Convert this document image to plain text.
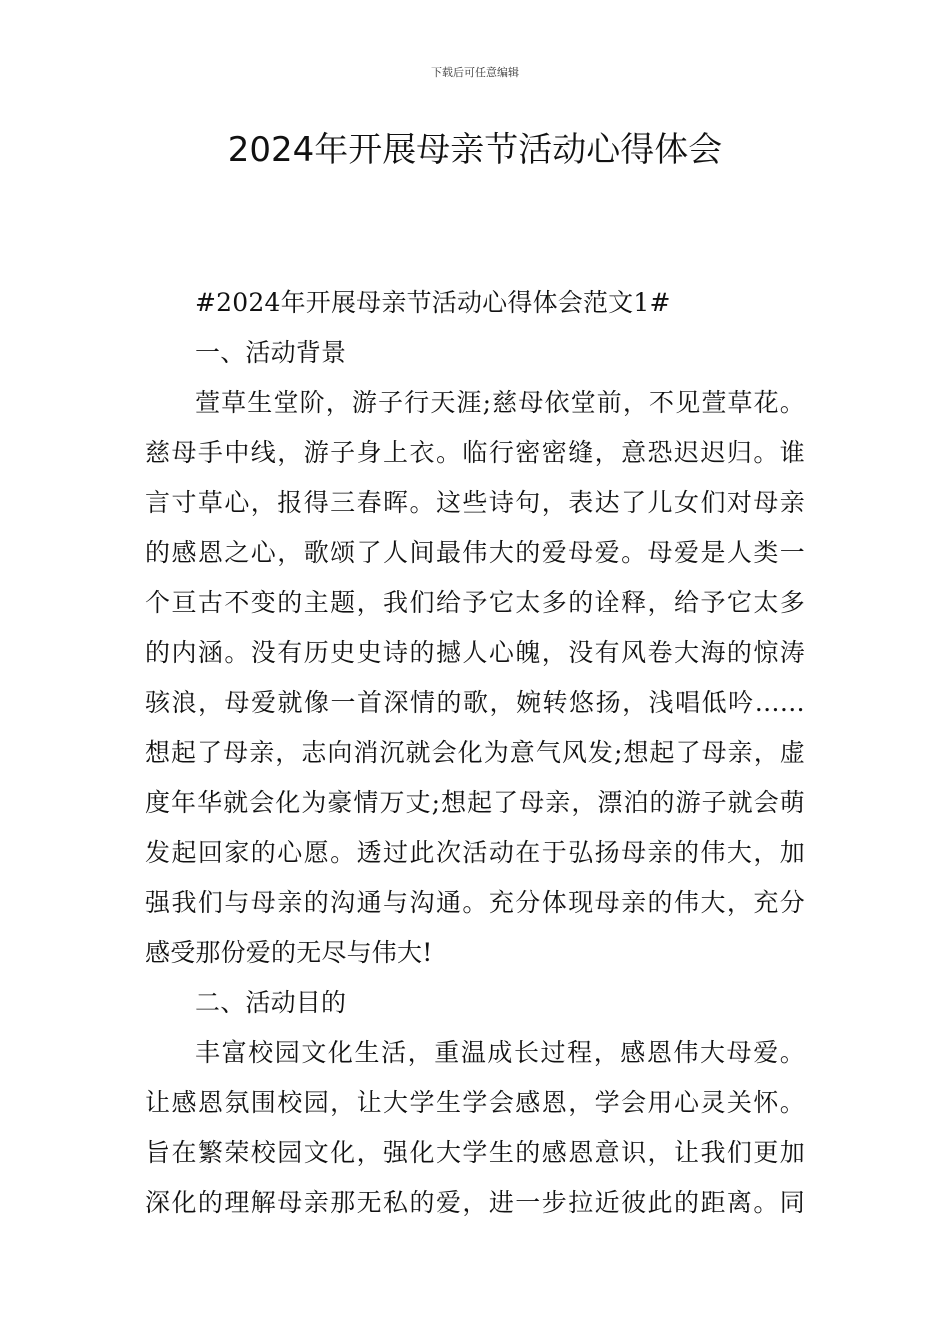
下载后可任意编辑
2024年开展母亲节活动心得体会
#2024年开展母亲节活动心得体会范文1#
一、活动背景
萱草生堂阶，游子行天涯;慈母依堂前，不见萱草花。
慈母手中线，游子身上衣。临行密密缝，意恐迟迟归。谁
言寸草心，报得三春晖。这些诗句，表达了儿女们对母亲
的感恩之心，歌颂了人间最伟大的爱母爱。母爱是人类一
个亘古不变的主题，我们给予它太多的诠释，给予它太多
的内涵。没有历史史诗的撼人心魄，没有风卷大海的惊涛
骇浪，母爱就像一首深情的歌，婉转悠扬，浅唱低吟……
想起了母亲，志向消沉就会化为意气风发;想起了母亲，虚
度年华就会化为豪情万丈;想起了母亲，漂泊的游子就会萌
发起回家的心愿。透过此次活动在于弘扬母亲的伟大，加
强我们与母亲的沟通与沟通。充分体现母亲的伟大，充分
感受那份爱的无尽与伟大!
二、活动目的
丰富校园文化生活，重温成长过程，感恩伟大母爱。
让感恩氛围校园，让大学生学会感恩，学会用心灵关怀。
旨在繁荣校园文化，强化大学生的感恩意识，让我们更加
深化的理解母亲那无私的爱，进一步拉近彼此的距离。同
